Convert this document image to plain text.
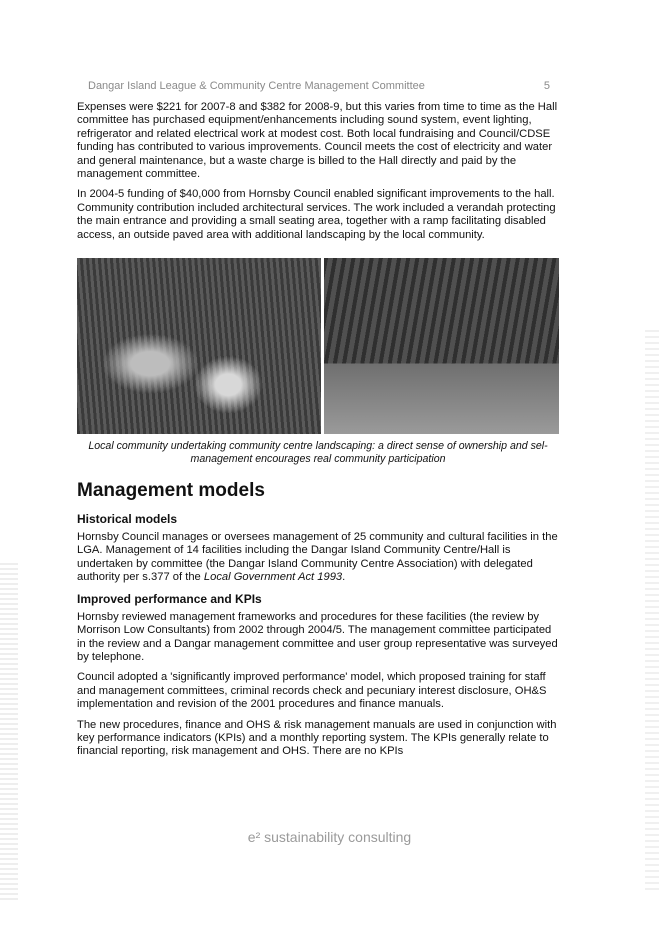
Dangar Island League & Community Centre Management Committee	5

Expenses were $221 for 2007-8 and $382 for 2008-9, but this varies from time to time as the Hall committee has purchased equipment/enhancements including sound system, event lighting, refrigerator and related electrical work at modest cost. Both local fundraising and Council/CDSE funding has contributed to various improvements. Council meets the cost of electricity and water and general maintenance, but a waste charge is billed to the Hall directly and paid by the management committee.

In 2004-5 funding of $40,000 from Hornsby Council enabled significant improvements to the hall. Community contribution included architectural services. The work included a verandah protecting the main entrance and providing a small seating area, together with a ramp facilitating disabled access, an outside paved area with additional landscaping by the local community.

Local community undertaking community centre landscaping: a direct sense of ownership and sel-management encourages real community participation
Management models
Historical models

Hornsby Council manages or oversees management of 25 community and cultural facilities in the LGA. Management of 14 facilities including the Dangar Island Community Centre/Hall is undertaken by committee (the Dangar Island Community Centre Association) with delegated authority per s.377 of the Local Government Act 1993.

Improved performance and KPIs

Hornsby reviewed management frameworks and procedures for these facilities (the review by Morrison Low Consultants) from 2002 through 2004/5. The management committee participated in the review and a Dangar management committee and user group representative was surveyed by telephone.

Council adopted a 'significantly improved performance' model, which proposed training for staff and management committees, criminal records check and pecuniary interest disclosure, OH&S implementation and revision of the 2001 procedures and finance manuals.

The new procedures, finance and OHS & risk management manuals are used in conjunction with key performance indicators (KPIs) and a monthly reporting system. The KPIs generally relate to financial reporting, risk management and OHS. There are no KPIs

e² sustainability consulting
